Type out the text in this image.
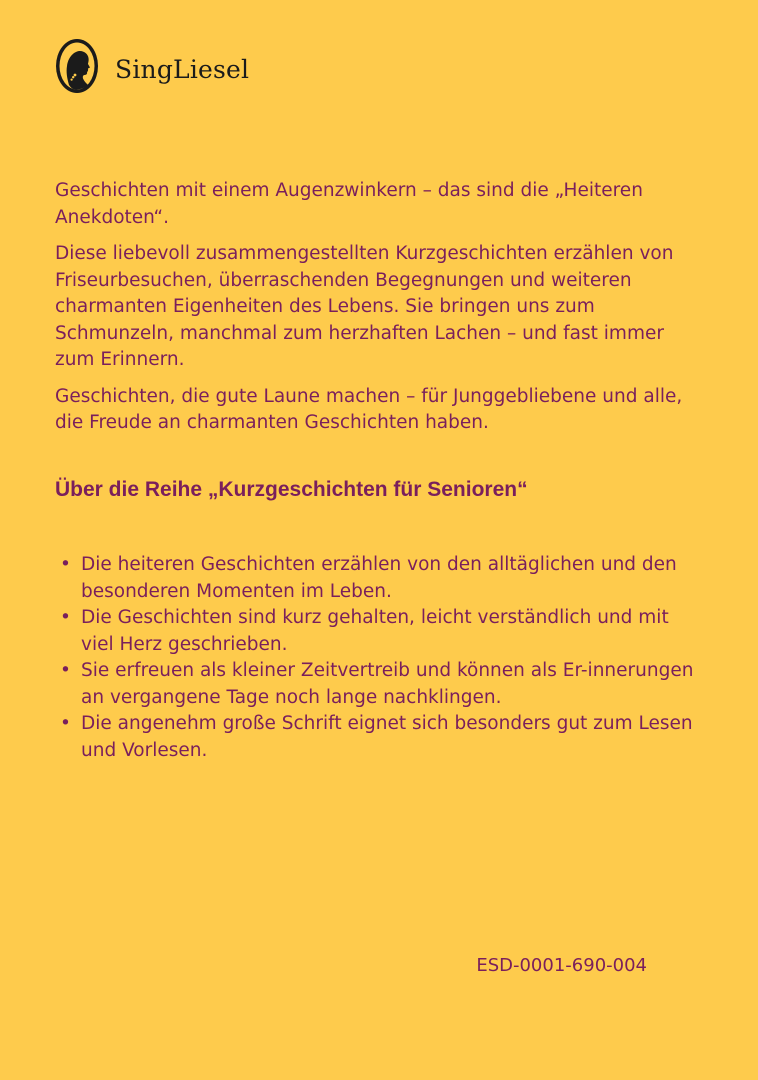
SingLiesel

Geschichten mit einem Augenzwinkern – das sind die „Heiteren Anekdoten“.

Diese liebevoll zusammengestellten Kurzgeschichten erzählen von Friseurbesuchen, überraschenden Begegnungen und weiteren charmanten Eigenheiten des Lebens. Sie bringen uns zum Schmunzeln, manchmal zum herzhaften Lachen – und fast immer zum Erinnern.

Geschichten, die gute Laune machen – für Junggebliebene und alle, die Freude an charmanten Geschichten haben.

Über die Reihe „Kurzgeschichten für Senioren“
• Die heiteren Geschichten erzählen von den alltäglichen und den besonderen Momenten im Leben.
• Die Geschichten sind kurz gehalten, leicht verständlich und mit viel Herz geschrieben.
• Sie erfreuen als kleiner Zeitvertreib und können als Er-innerungen an vergangene Tage noch lange nachklingen.
• Die angenehm große Schrift eignet sich besonders gut zum Lesen und Vorlesen.
ESD-0001-690-004
